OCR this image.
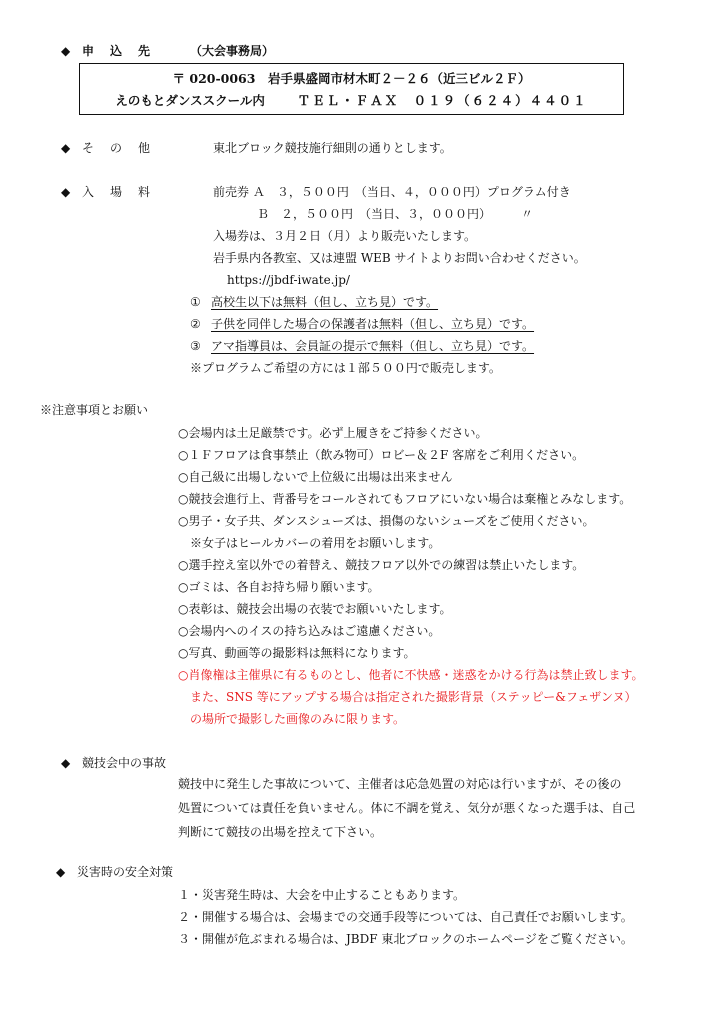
◆ 申　込　先	（大会事務局）
〒 020-0063　岩手県盛岡市材木町２－２６（近三ビル２Ｆ）
えのもとダンススクール内	ＴＥＬ・ＦＡＸ　０１９（６２４）４４０１
◆ そ　の　他	東北ブロック競技施行細則の通りとします。
◆ 入　場　料	前売券 Ａ　３，５００円　（当日、４，０００円）プログラム付き
Ｂ　２，５００円　（当日、３，０００円）　　　〃
入場券は、３月２日（月）より販売いたします。
岩手県内各教室、又は連盟 WEB サイトよりお問い合わせください。
https://jbdf-iwate.jp/
① 高校生以下は無料（但し、立ち見）です。
② 子供を同伴した場合の保護者は無料（但し、立ち見）です。
③ アマ指導員は、会員証の提示で無料（但し、立ち見）です。
※プログラムご希望の方には１部５００円で販売します。
※注意事項とお願い
○会場内は土足厳禁です。必ず上履きをご持参ください。
○１Ｆフロアは食事禁止（飲み物可）ロビー＆２F 客席をご利用ください。
○自己級に出場しないで上位級に出場は出来ません
○競技会進行上、背番号をコールされてもフロアにいない場合は棄権とみなします。
○男子・女子共、ダンスシューズは、損傷のないシューズをご使用ください。
※女子はヒールカバーの着用をお願いします。
○選手控え室以外での着替え、競技フロア以外での練習は禁止いたします。
○ゴミは、各自お持ち帰り願います。
○表彰は、競技会出場の衣装でお願いいたします。
○会場内へのイスの持ち込みはご遠慮ください。
○写真、動画等の撮影料は無料になります。
○肖像権は主催県に有るものとし、他者に不快感・迷惑をかける行為は禁止致します。
また、SNS 等にアップする場合は指定された撮影背景（ステッピー&フェザンヌ）
の場所で撮影した画像のみに限ります。
◆ 競技会中の事故
競技中に発生した事故について、主催者は応急処置の対応は行いますが、その後の
処置については責任を負いません。体に不調を覚え、気分が悪くなった選手は、自己
判断にて競技の出場を控えて下さい。
◆ 災害時の安全対策
１・災害発生時は、大会を中止することもあります。
２・開催する場合は、会場までの交通手段等については、自己責任でお願いします。
３・開催が危ぶまれる場合は、JBDF 東北ブロックのホームページをご覧ください。
